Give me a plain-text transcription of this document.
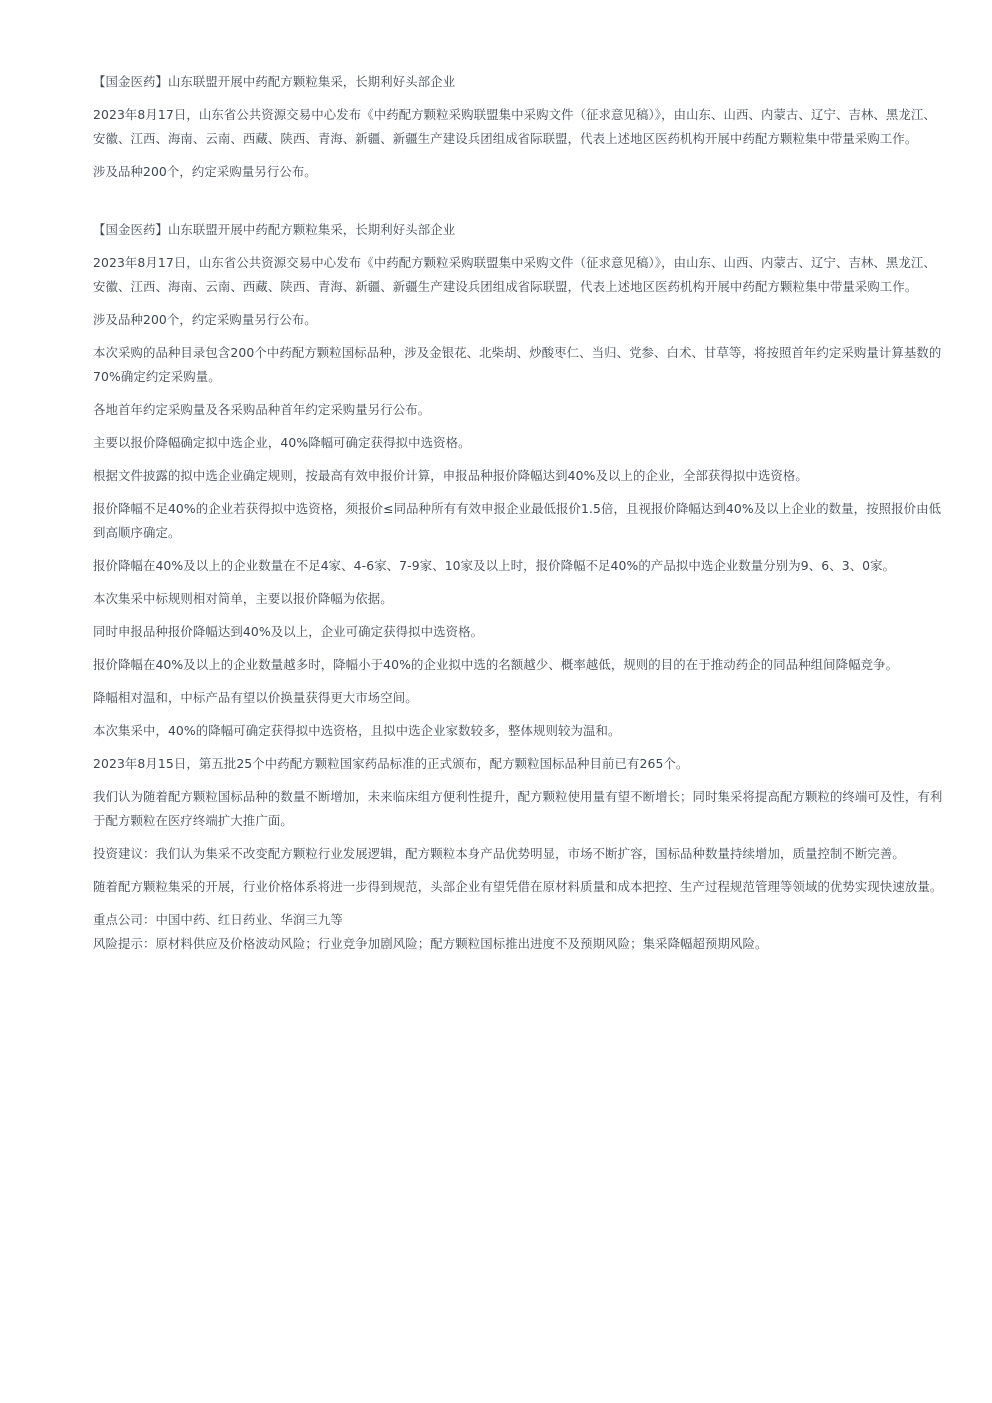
【国金医药】山东联盟开展中药配方颗粒集采，长期利好头部企业

2023年8月17日，山东省公共资源交易中心发布《中药配方颗粒采购联盟集中采购文件（征求意见稿）》，由山东、山西、内蒙古、辽宁、吉林、黑龙江、安徽、江西、海南、云南、西藏、陕西、青海、新疆、新疆生产建设兵团组成省际联盟，代表上述地区医药机构开展中药配方颗粒集中带量采购工作。

涉及品种200个，约定采购量另行公布。

【国金医药】山东联盟开展中药配方颗粒集采，长期利好头部企业

2023年8月17日，山东省公共资源交易中心发布《中药配方颗粒采购联盟集中采购文件（征求意见稿）》，由山东、山西、内蒙古、辽宁、吉林、黑龙江、安徽、江西、海南、云南、西藏、陕西、青海、新疆、新疆生产建设兵团组成省际联盟，代表上述地区医药机构开展中药配方颗粒集中带量采购工作。

涉及品种200个，约定采购量另行公布。

本次采购的品种目录包含200个中药配方颗粒国标品种，涉及金银花、北柴胡、炒酸枣仁、当归、党参、白术、甘草等，将按照首年约定采购量计算基数的70%确定约定采购量。

各地首年约定采购量及各采购品种首年约定采购量另行公布。

主要以报价降幅确定拟中选企业，40%降幅可确定获得拟中选资格。

根据文件披露的拟中选企业确定规则，按最高有效申报价计算，申报品种报价降幅达到40%及以上的企业，全部获得拟中选资格。

报价降幅不足40%的企业若获得拟中选资格，须报价≤同品种所有有效申报企业最低报价1.5倍，且视报价降幅达到40%及以上企业的数量，按照报价由低到高顺序确定。

报价降幅在40%及以上的企业数量在不足4家、4-6家、7-9家、10家及以上时，报价降幅不足40%的产品拟中选企业数量分别为9、6、3、0家。

本次集采中标规则相对简单，主要以报价降幅为依据。

同时申报品种报价降幅达到40%及以上，企业可确定获得拟中选资格。

报价降幅在40%及以上的企业数量越多时，降幅小于40%的企业拟中选的名额越少、概率越低，规则的目的在于推动药企的同品种组间降幅竞争。

降幅相对温和，中标产品有望以价换量获得更大市场空间。

本次集采中，40%的降幅可确定获得拟中选资格，且拟中选企业家数较多，整体规则较为温和。

2023年8月15日，第五批25个中药配方颗粒国家药品标准的正式颁布，配方颗粒国标品种目前已有265个。

我们认为随着配方颗粒国标品种的数量不断增加，未来临床组方便利性提升，配方颗粒使用量有望不断增长；同时集采将提高配方颗粒的终端可及性，有利于配方颗粒在医疗终端扩大推广面。

投资建议：我们认为集采不改变配方颗粒行业发展逻辑，配方颗粒本身产品优势明显，市场不断扩容，国标品种数量持续增加，质量控制不断完善。

随着配方颗粒集采的开展，行业价格体系将进一步得到规范，头部企业有望凭借在原材料质量和成本把控、生产过程规范管理等领域的优势实现快速放量。

重点公司：中国中药、红日药业、华润三九等

风险提示：原材料供应及价格波动风险；行业竞争加剧风险；配方颗粒国标推出进度不及预期风险；集采降幅超预期风险。
